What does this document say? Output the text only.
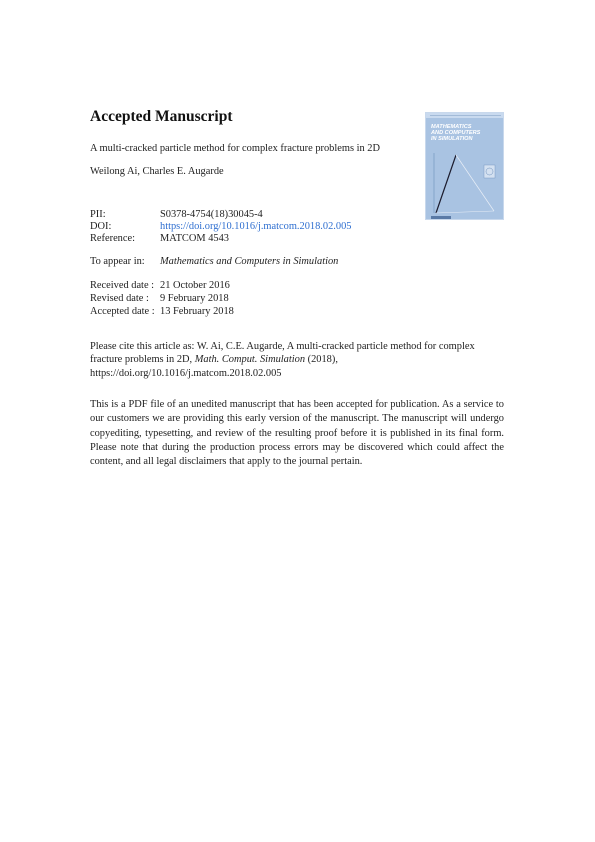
Accepted Manuscript
A multi-cracked particle method for complex fracture problems in 2D
Weilong Ai, Charles E. Augarde
PII:	S0378-4754(18)30045-4
DOI:	https://doi.org/10.1016/j.matcom.2018.02.005
Reference: MATCOM 4543
To appear in: Mathematics and Computers in Simulation
Received date : 21 October 2016
Revised date : 9 February 2018
Accepted date : 13 February 2018
Please cite this article as: W. Ai, C.E. Augarde, A multi-cracked particle method for complex
fracture problems in 2D, Math. Comput. Simulation (2018),
https://doi.org/10.1016/j.matcom.2018.02.005
This is a PDF file of an unedited manuscript that has been accepted for publication. As a service to our customers we are providing this early version of the manuscript. The manuscript will undergo copyediting, typesetting, and review of the resulting proof before it is published in its final form. Please note that during the production process errors may be discovered which could affect the content, and all legal disclaimers that apply to the journal pertain.
MATHEMATICS
AND COMPUTERS
IN SIMULATION
